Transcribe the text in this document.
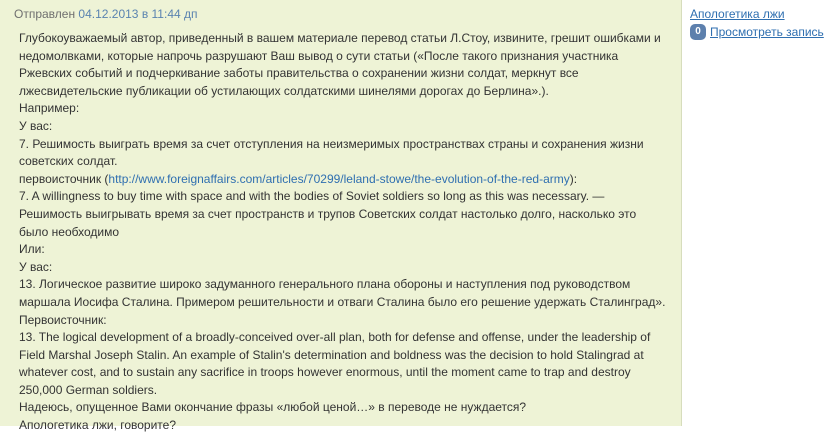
Отправлен 04.12.2013 в 11:44 дп

Глубокоуважаемый автор, приведенный в вашем материале перевод статьи Л.Стоу, извините, грешит ошибками и

недомолвками, которые напрочь разрушают Ваш вывод о сути статьи («После такого признания участника

Ржевских событий и подчеркивание заботы правительства о сохранении жизни солдат, меркнут все

лжесвидетельские публикации об устилающих солдатскими шинелями дорогах до Берлина».).

Например:

У вас:

7. Решимость выиграть время за счет отступления на неизмеримых пространствах страны и сохранения жизни

советских солдат.

первоисточник (http://www.foreignaffairs.com/articles/70299/leland-stowe/the-evolution-of-the-red-army):

7. A willingness to buy time with space and with the bodies of Soviet soldiers so long as this was necessary. —

Решимость выигрывать время за счет пространств и трупов Советских солдат настолько долго, насколько это

было необходимо

Или:

У вас:

13. Логическое развитие широко задуманного генерального плана обороны и наступления под руководством

маршала Иосифа Сталина. Примером решительности и отваги Сталина было его решение удержать Сталинград».

Первоисточник:

13. The logical development of a broadly-conceived over-all plan, both for defense and offense, under the leadership of

Field Marshal Joseph Stalin. An example of Stalin's determination and boldness was the decision to hold Stalingrad at

whatever cost, and to sustain any sacrifice in troops however enormous, until the moment came to trap and destroy

250,000 German soldiers.

Надеюсь, опущенное Вами окончание фразы «любой ценой…» в переводе не нуждается?

Апологетика лжи, говорите?

Апологетика лжи
0 Просмотреть запись
